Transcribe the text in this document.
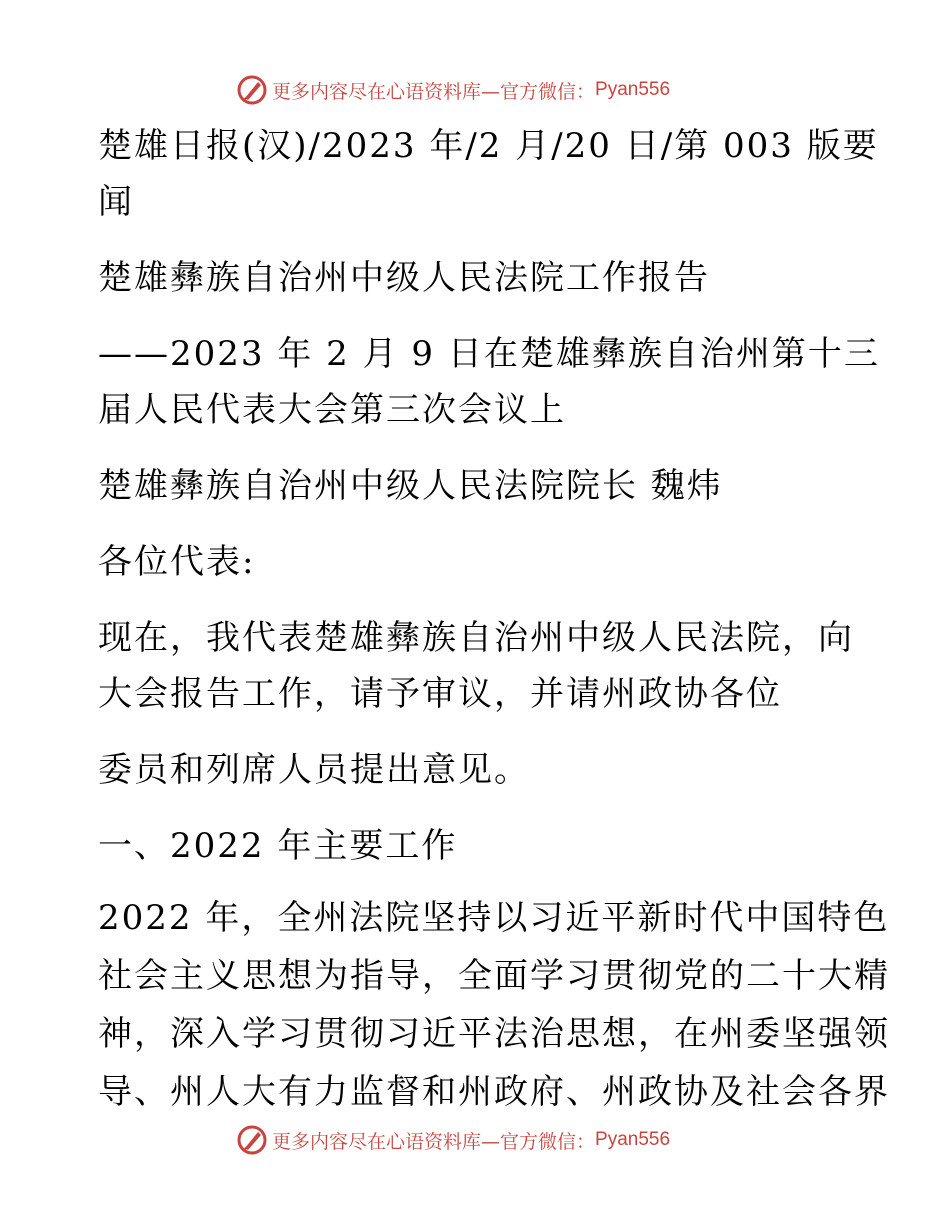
更多内容尽在心语资料库—官方微信： Pyan556
楚雄日报(汉)/2023 年/2 月/20 日/第 003 版要
闻
楚雄彝族自治州中级人民法院工作报告
——2023 年 2 月 9 日在楚雄彝族自治州第十三
届人民代表大会第三次会议上
楚雄彝族自治州中级人民法院院长 魏炜
各位代表:
现在，我代表楚雄彝族自治州中级人民法院，向
大会报告工作，请予审议，并请州政协各位
委员和列席人员提出意见。
一、2022 年主要工作
2022 年，全州法院坚持以习近平新时代中国特色
社会主义思想为指导，全面学习贯彻党的二十大精
神，深入学习贯彻习近平法治思想，在州委坚强领
导、州人大有力监督和州政府、州政协及社会各界
更多内容尽在心语资料库—官方微信： Pyan556
